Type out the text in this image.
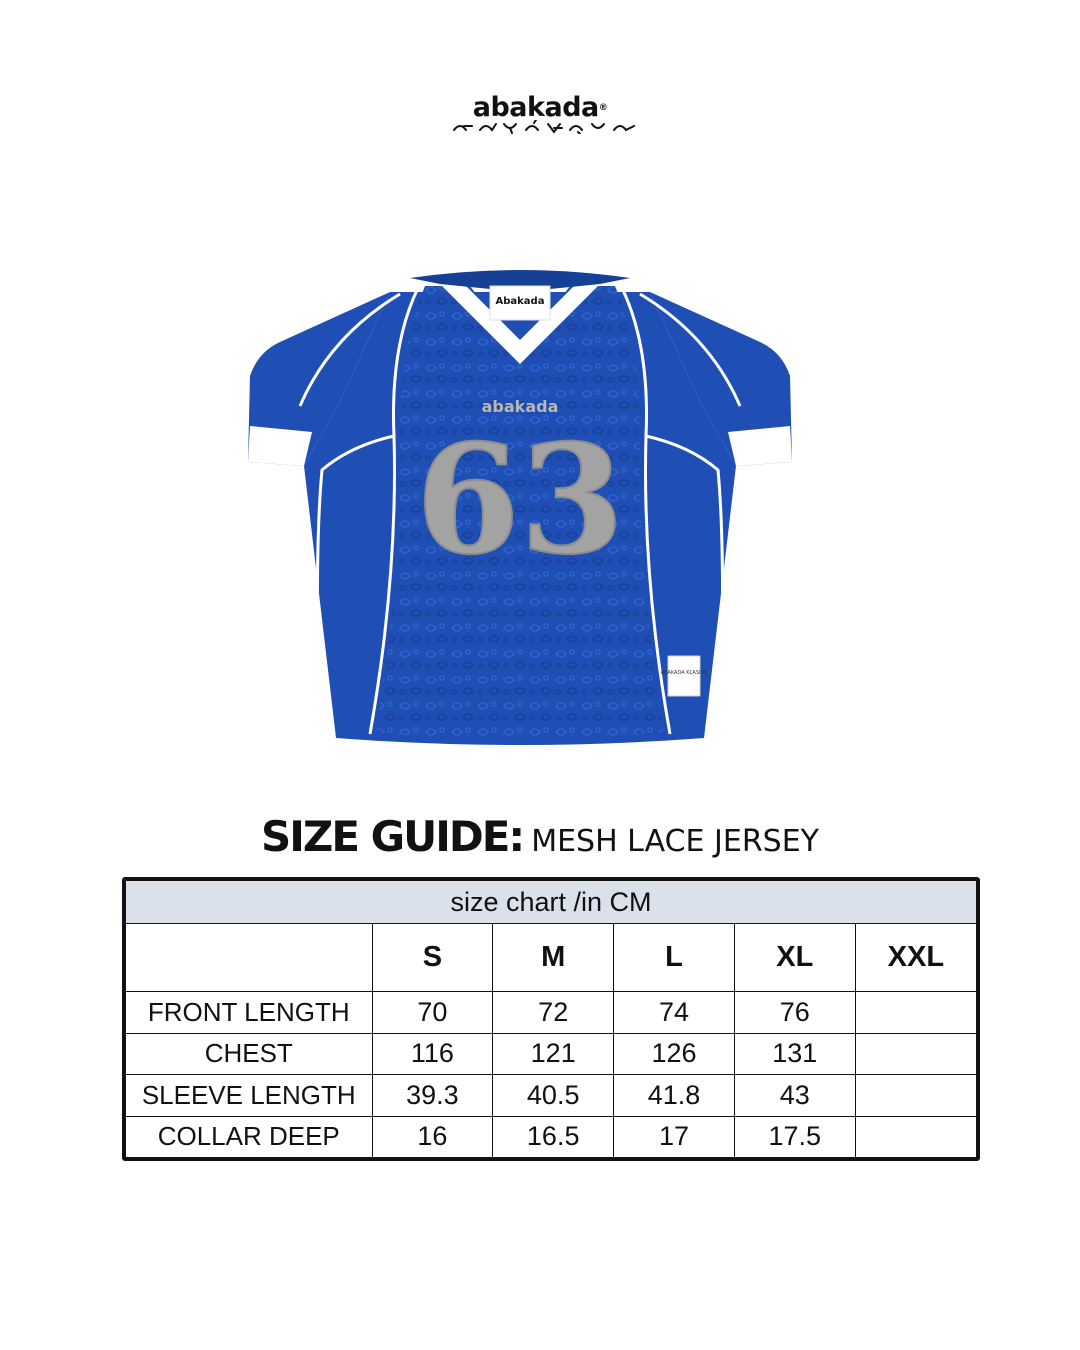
abakada®
Abakada
abakada
63
ABAKADA KLASIKO
SIZE GUIDE: MESH LACE JERSEY
size chart /in CM					
	S	M	L	XL	XXL
FRONT LENGTH	70	72	74	76	
CHEST	116	121	126	131	
SLEEVE LENGTH	39.3	40.5	41.8	43	
COLLAR DEEP	16	16.5	17	17.5	
